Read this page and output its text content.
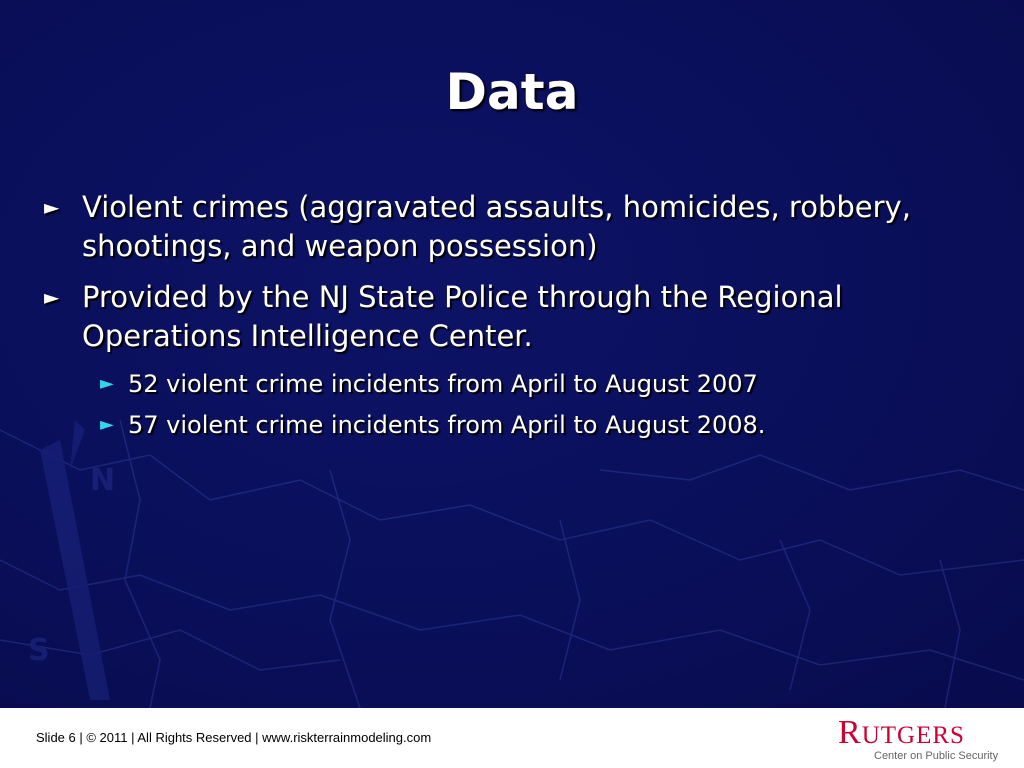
N
S
Data
► Violent crimes (aggravated assaults, homicides, robbery, shootings, and weapon possession)
► Provided by the NJ State Police through the Regional Operations Intelligence Center.
► 52 violent crime incidents from April to August 2007
► 57 violent crime incidents from April to August 2008.
Slide 6 | © 2011 | All Rights Reserved | www.riskterrainmodeling.com	RUTGERS
Center on Public Security
